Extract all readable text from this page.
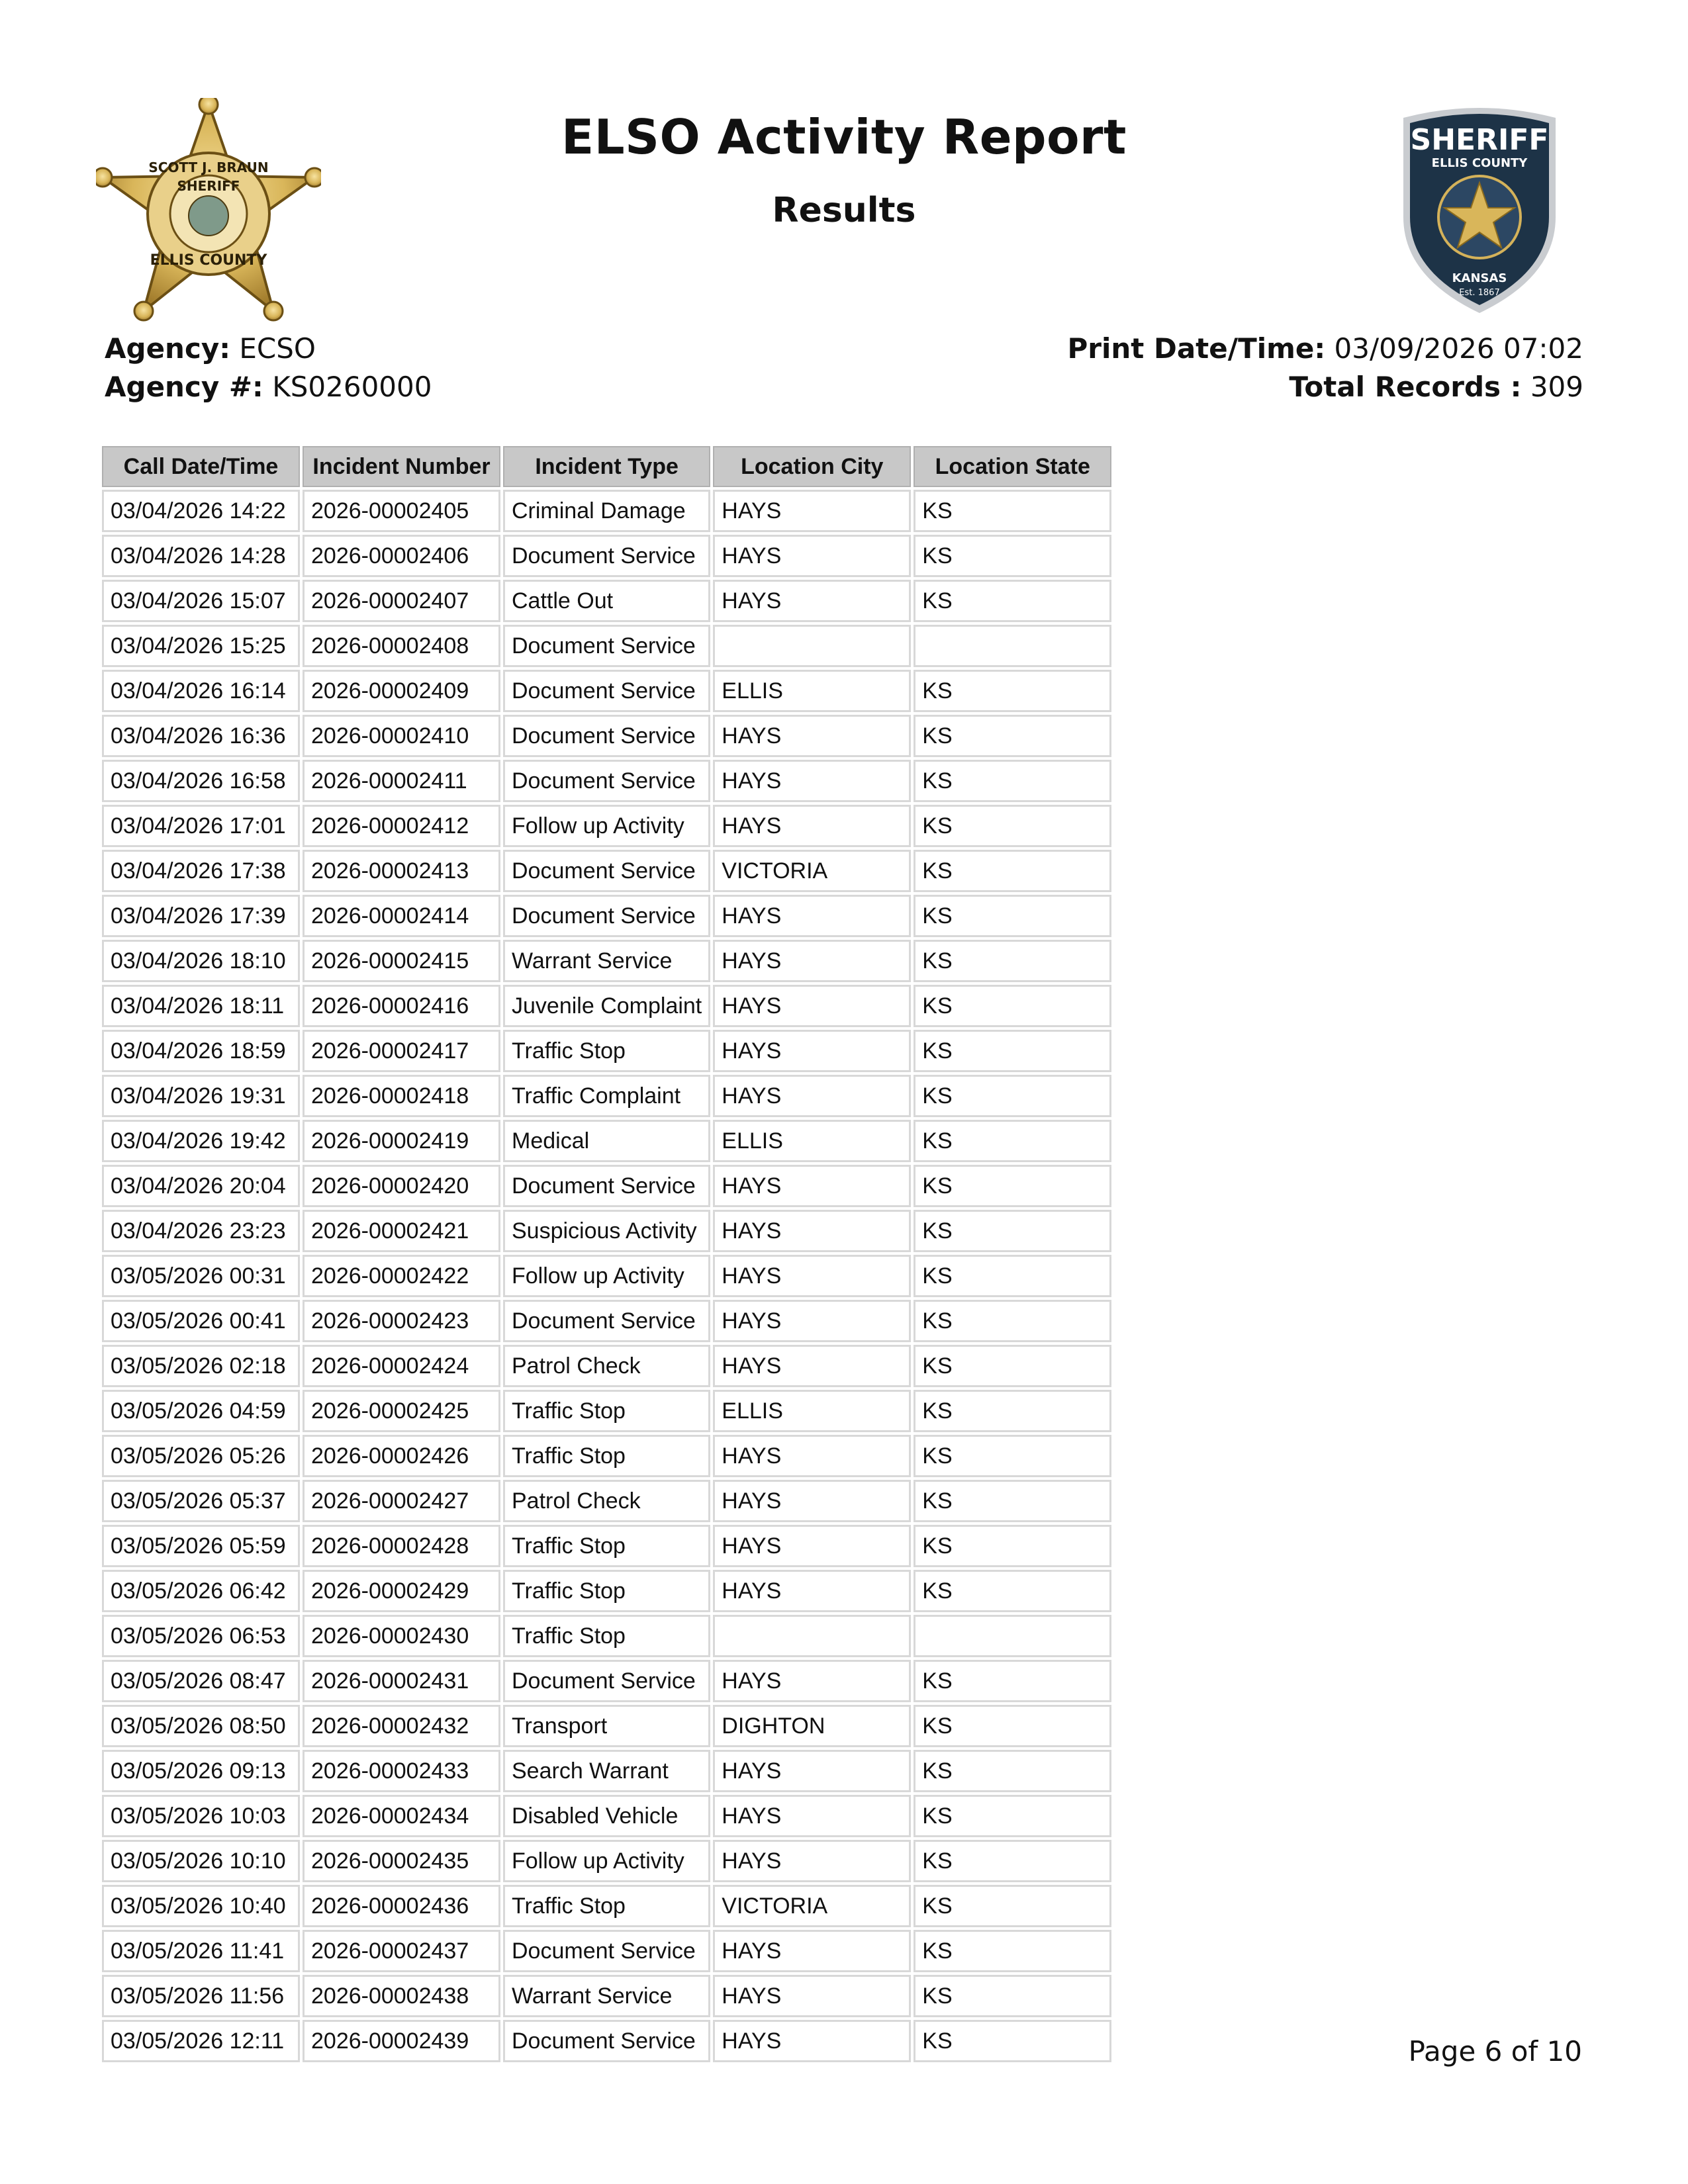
SCOTT J. BRAUN
SHERIFF
ELLIS COUNTY
ELSO Activity Report
Results
SHERIFF
ELLIS COUNTY
KANSAS
Est. 1867
Agency: ECSO
Agency #: KS0260000
Print Date/Time: 03/09/2026 07:02
Total Records : 309
Call Date/Time	Incident Number	Incident Type	Location City	Location State
03/04/2026 14:22	2026-00002405	Criminal Damage	HAYS	KS
03/04/2026 14:28	2026-00002406	Document Service	HAYS	KS
03/04/2026 15:07	2026-00002407	Cattle Out	HAYS	KS
03/04/2026 15:25	2026-00002408	Document Service		
03/04/2026 16:14	2026-00002409	Document Service	ELLIS	KS
03/04/2026 16:36	2026-00002410	Document Service	HAYS	KS
03/04/2026 16:58	2026-00002411	Document Service	HAYS	KS
03/04/2026 17:01	2026-00002412	Follow up Activity	HAYS	KS
03/04/2026 17:38	2026-00002413	Document Service	VICTORIA	KS
03/04/2026 17:39	2026-00002414	Document Service	HAYS	KS
03/04/2026 18:10	2026-00002415	Warrant Service	HAYS	KS
03/04/2026 18:11	2026-00002416	Juvenile Complaint	HAYS	KS
03/04/2026 18:59	2026-00002417	Traffic Stop	HAYS	KS
03/04/2026 19:31	2026-00002418	Traffic Complaint	HAYS	KS
03/04/2026 19:42	2026-00002419	Medical	ELLIS	KS
03/04/2026 20:04	2026-00002420	Document Service	HAYS	KS
03/04/2026 23:23	2026-00002421	Suspicious Activity	HAYS	KS
03/05/2026 00:31	2026-00002422	Follow up Activity	HAYS	KS
03/05/2026 00:41	2026-00002423	Document Service	HAYS	KS
03/05/2026 02:18	2026-00002424	Patrol Check	HAYS	KS
03/05/2026 04:59	2026-00002425	Traffic Stop	ELLIS	KS
03/05/2026 05:26	2026-00002426	Traffic Stop	HAYS	KS
03/05/2026 05:37	2026-00002427	Patrol Check	HAYS	KS
03/05/2026 05:59	2026-00002428	Traffic Stop	HAYS	KS
03/05/2026 06:42	2026-00002429	Traffic Stop	HAYS	KS
03/05/2026 06:53	2026-00002430	Traffic Stop		
03/05/2026 08:47	2026-00002431	Document Service	HAYS	KS
03/05/2026 08:50	2026-00002432	Transport	DIGHTON	KS
03/05/2026 09:13	2026-00002433	Search Warrant	HAYS	KS
03/05/2026 10:03	2026-00002434	Disabled Vehicle	HAYS	KS
03/05/2026 10:10	2026-00002435	Follow up Activity	HAYS	KS
03/05/2026 10:40	2026-00002436	Traffic Stop	VICTORIA	KS
03/05/2026 11:41	2026-00002437	Document Service	HAYS	KS
03/05/2026 11:56	2026-00002438	Warrant Service	HAYS	KS
03/05/2026 12:11	2026-00002439	Document Service	HAYS	KS	Page 6 of 10
